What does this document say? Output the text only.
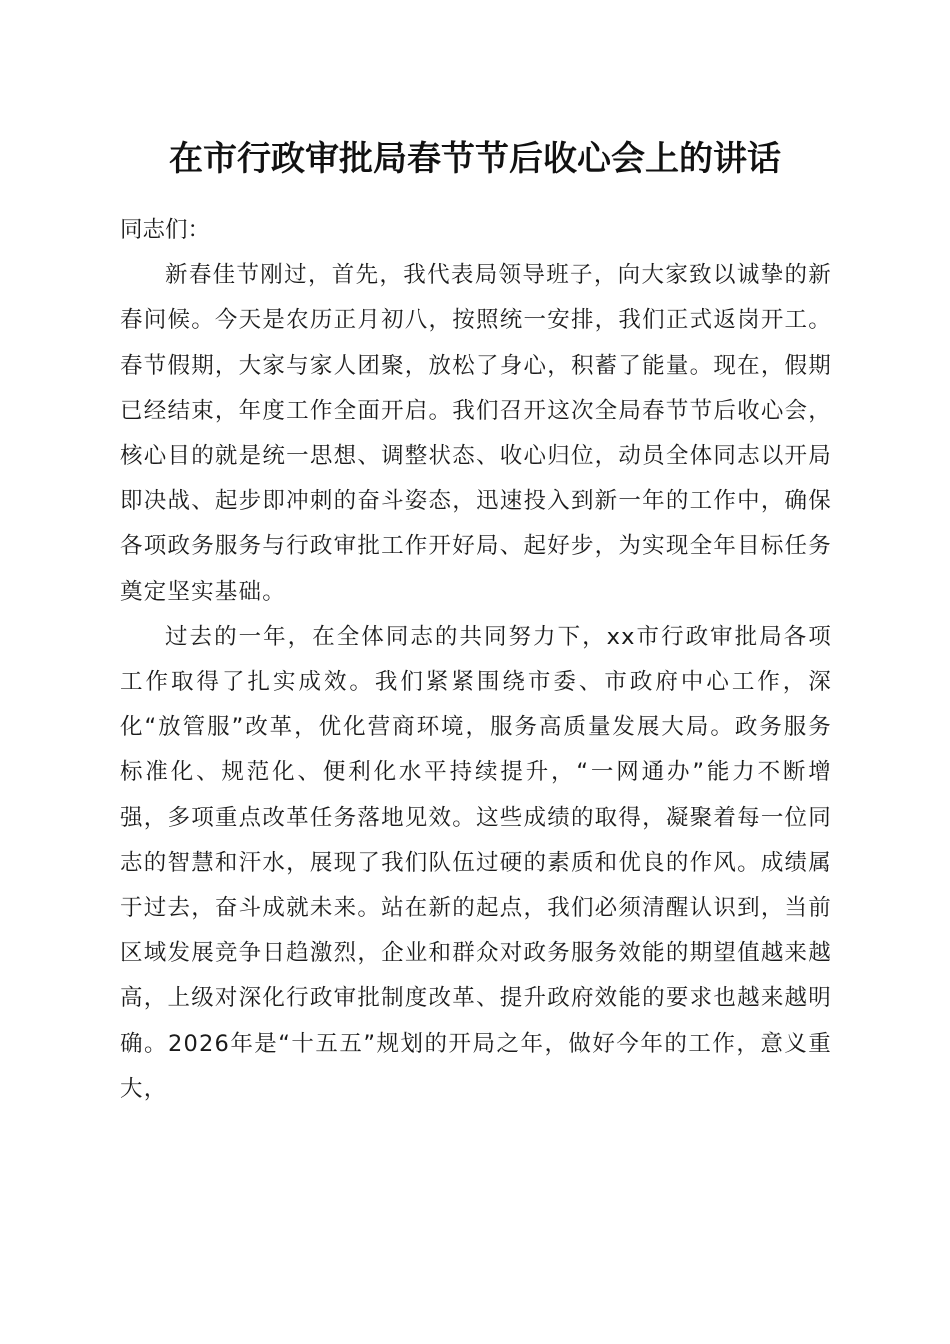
在市行政审批局春节节后收心会上的讲话

同志们：

新春佳节刚过，首先，我代表局领导班子，向大家致以诚挚的新春问候。今天是农历正月初八，按照统一安排，我们正式返岗开工。春节假期，大家与家人团聚，放松了身心，积蓄了能量。现在，假期已经结束，年度工作全面开启。我们召开这次全局春节节后收心会，核心目的就是统一思想、调整状态、收心归位，动员全体同志以开局即决战、起步即冲刺的奋斗姿态，迅速投入到新一年的工作中，确保各项政务服务与行政审批工作开好局、起好步，为实现全年目标任务奠定坚实基础。

过去的一年，在全体同志的共同努力下，xx市行政审批局各项工作取得了扎实成效。我们紧紧围绕市委、市政府中心工作，深化“放管服”改革，优化营商环境，服务高质量发展大局。政务服务标准化、规范化、便利化水平持续提升，“一网通办”能力不断增强，多项重点改革任务落地见效。这些成绩的取得，凝聚着每一位同志的智慧和汗水，展现了我们队伍过硬的素质和优良的作风。成绩属于过去，奋斗成就未来。站在新的起点，我们必须清醒认识到，当前区域发展竞争日趋激烈，企业和群众对政务服务效能的期望值越来越高，上级对深化行政审批制度改革、提升政府效能的要求也越来越明确。2026年是“十五五”规划的开局之年，做好今年的工作，意义重大，
